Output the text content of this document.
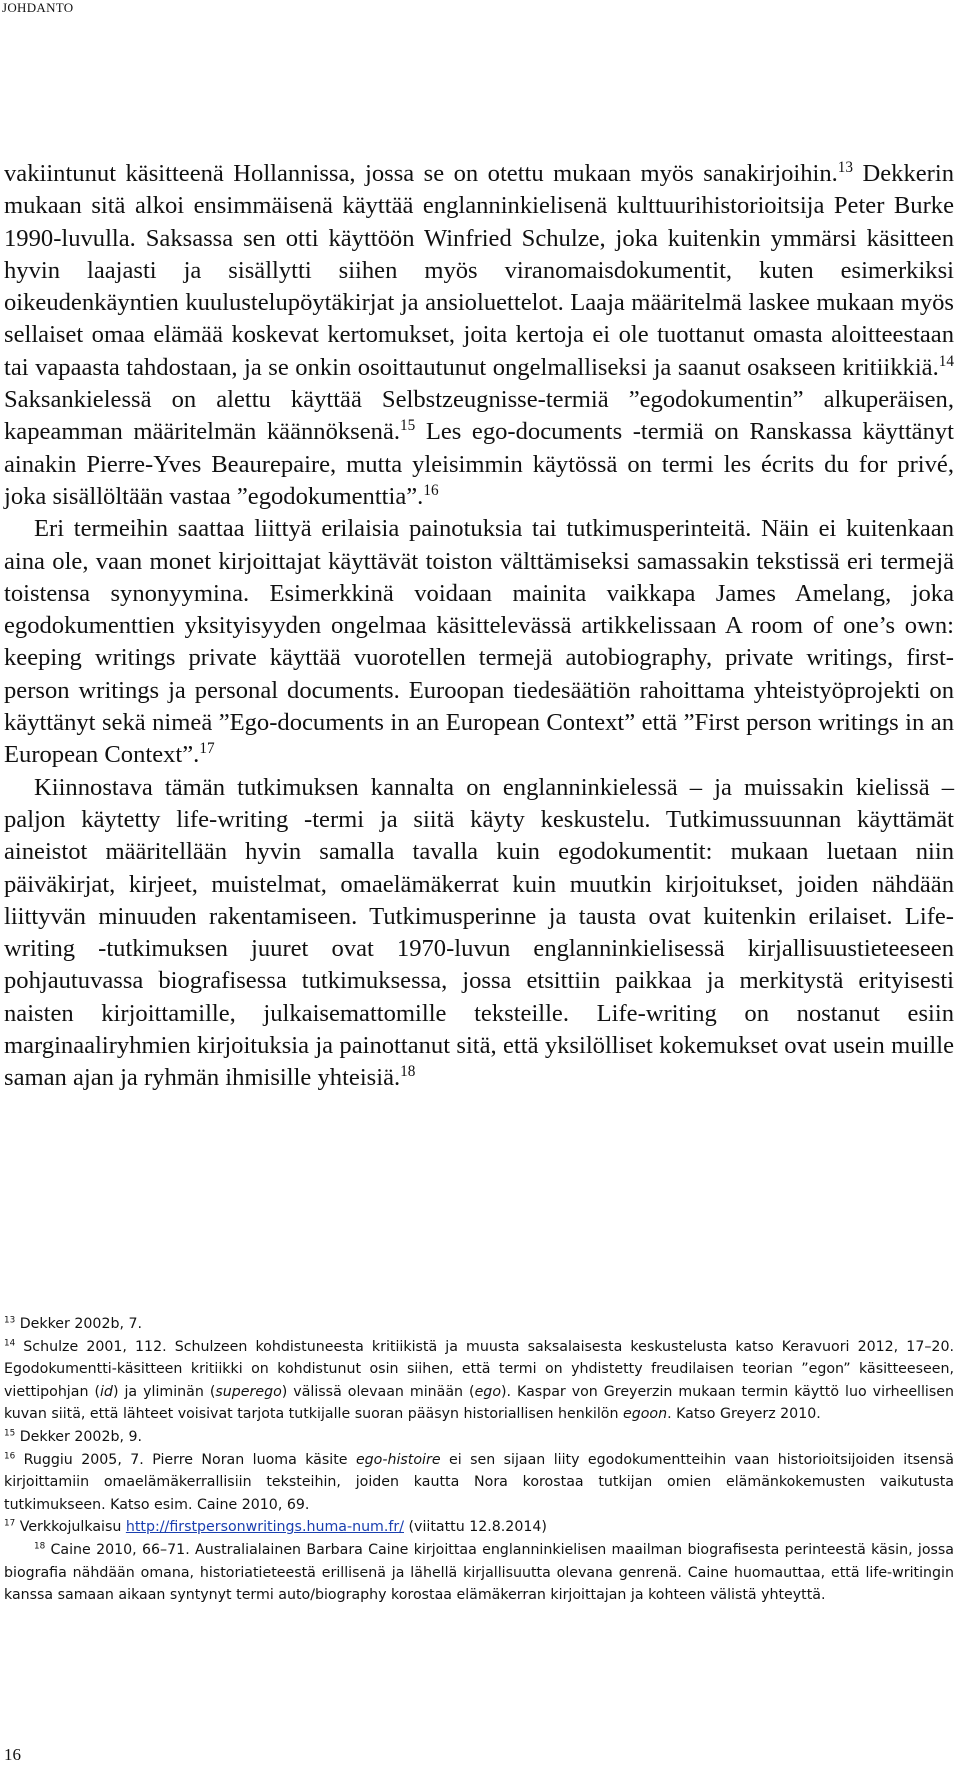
JOHDANTO

vakiintunut käsitteenä Hollannissa, jossa se on otettu mukaan myös sanakirjoihin.$^{13}$ Dekkerin mukaan sitä alkoi ensimmäisenä käyttää englanninkielisenä kulttuurihistorioitsija Peter Burke 1990-luvulla. Saksassa sen otti käyttöön Winfried Schulze, joka kuitenkin ymmärsi käsitteen hyvin laajasti ja sisällytti siihen myös viranomaisdokumentit, kuten esimerkiksi oikeudenkäyntien kuulustelupöytäkirjat ja ansioluettelot. Laaja määritelmä laskee mukaan myös sellaiset omaa elämää koskevat kertomukset, joita kertoja ei ole tuottanut omasta aloitteestaan tai vapaasta tahdostaan, ja se onkin osoittautunut ongelmalliseksi ja saanut osakseen kritiikkiä.$^{14}$ Saksankielessä on alettu käyttää Selbstzeugnisse-termiä ”egodokumentin” alkuperäisen, kapeamman määritelmän käännöksenä.$^{15}$ Les ego-documents -termiä on Ranskassa käyttänyt ainakin Pierre-Yves Beaurepaire, mutta yleisimmin käytössä on termi les écrits du for privé, joka sisällöltään vastaa ”egodokumenttia”.$^{16}$

Eri termeihin saattaa liittyä erilaisia painotuksia tai tutkimusperinteitä. Näin ei kuitenkaan aina ole, vaan monet kirjoittajat käyttävät toiston välttämiseksi samassakin tekstissä eri termejä toistensa synonyymina. Esimerkkinä voidaan mainita vaikkapa James Amelang, joka egodokumenttien yksityisyyden ongelmaa käsittelevässä artikkelissaan A room of one’s own: keeping writings private käyttää vuorotellen termejä autobiography, private writings, first-person writings ja personal documents. Euroopan tiedesäätiön rahoittama yhteistyöprojekti on käyttänyt sekä nimeä ”Ego-documents in an European Context” että ”First person writings in an European Context”.$^{17}$

Kiinnostava tämän tutkimuksen kannalta on englanninkielessä – ja muissakin kielissä – paljon käytetty life-writing -termi ja siitä käyty keskustelu. Tutkimussuunnan käyttämät aineistot määritellään hyvin samalla tavalla kuin egodokumentit: mukaan luetaan niin päiväkirjat, kirjeet, muistelmat, omaelämäkerrat kuin muutkin kirjoitukset, joiden nähdään liittyvän minuuden rakentamiseen. Tutkimusperinne ja tausta ovat kuitenkin erilaiset. Life-writing -tutkimuksen juuret ovat 1970-luvun englanninkielisessä kirjallisuustieteeseen pohjautuvassa biografisessa tutkimuksessa, jossa etsittiin paikkaa ja merkitystä erityisesti naisten kirjoittamille, julkaisemattomille teksteille. Life-writing on nostanut esiin marginaaliryhmien kirjoituksia ja painottanut sitä, että yksilölliset kokemukset ovat usein muille saman ajan ja ryhmän ihmisille yhteisiä.$^{18}$

$^{13}$ Dekker 2002b, 7.

$^{14}$ Schulze 2001, 112. Schulzeen kohdistuneesta kritiikistä ja muusta saksalaisesta keskustelusta katso Keravuori 2012, 17–20. Egodokumentti-käsitteen kritiikki on kohdistunut osin siihen, että termi on yhdistetty freudilaisen teorian ”egon” käsitteeseen, viettipohjan (id) ja yliminän (superego) välissä olevaan minään (ego). Kaspar von Greyerzin mukaan termin käyttö luo virheellisen kuvan siitä, että lähteet voisivat tarjota tutkijalle suoran pääsyn historiallisen henkilön egoon. Katso Greyerz 2010.

$^{15}$ Dekker 2002b, 9.

$^{16}$ Ruggiu 2005, 7. Pierre Noran luoma käsite ego-histoire ei sen sijaan liity egodokumentteihin vaan historioitsijoiden itsensä kirjoittamiin omaelämäkerrallisiin teksteihin, joiden kautta Nora korostaa tutkijan omien elämänkokemusten vaikutusta tutkimukseen. Katso esim. Caine 2010, 69.

$^{17}$ Verkkojulkaisu http://firstpersonwritings.huma-num.fr/ (viitattu 12.8.2014)

$^{18}$ Caine 2010, 66–71. Australialainen Barbara Caine kirjoittaa englanninkielisen maailman biografisesta perinteestä käsin, jossa biografia nähdään omana, historiatieteestä erillisenä ja lähellä kirjallisuutta olevana genrenä. Caine huomauttaa, että life-writingin kanssa samaan aikaan syntynyt termi auto/biography korostaa elämäkerran kirjoittajan ja kohteen välistä yhteyttä.

16
